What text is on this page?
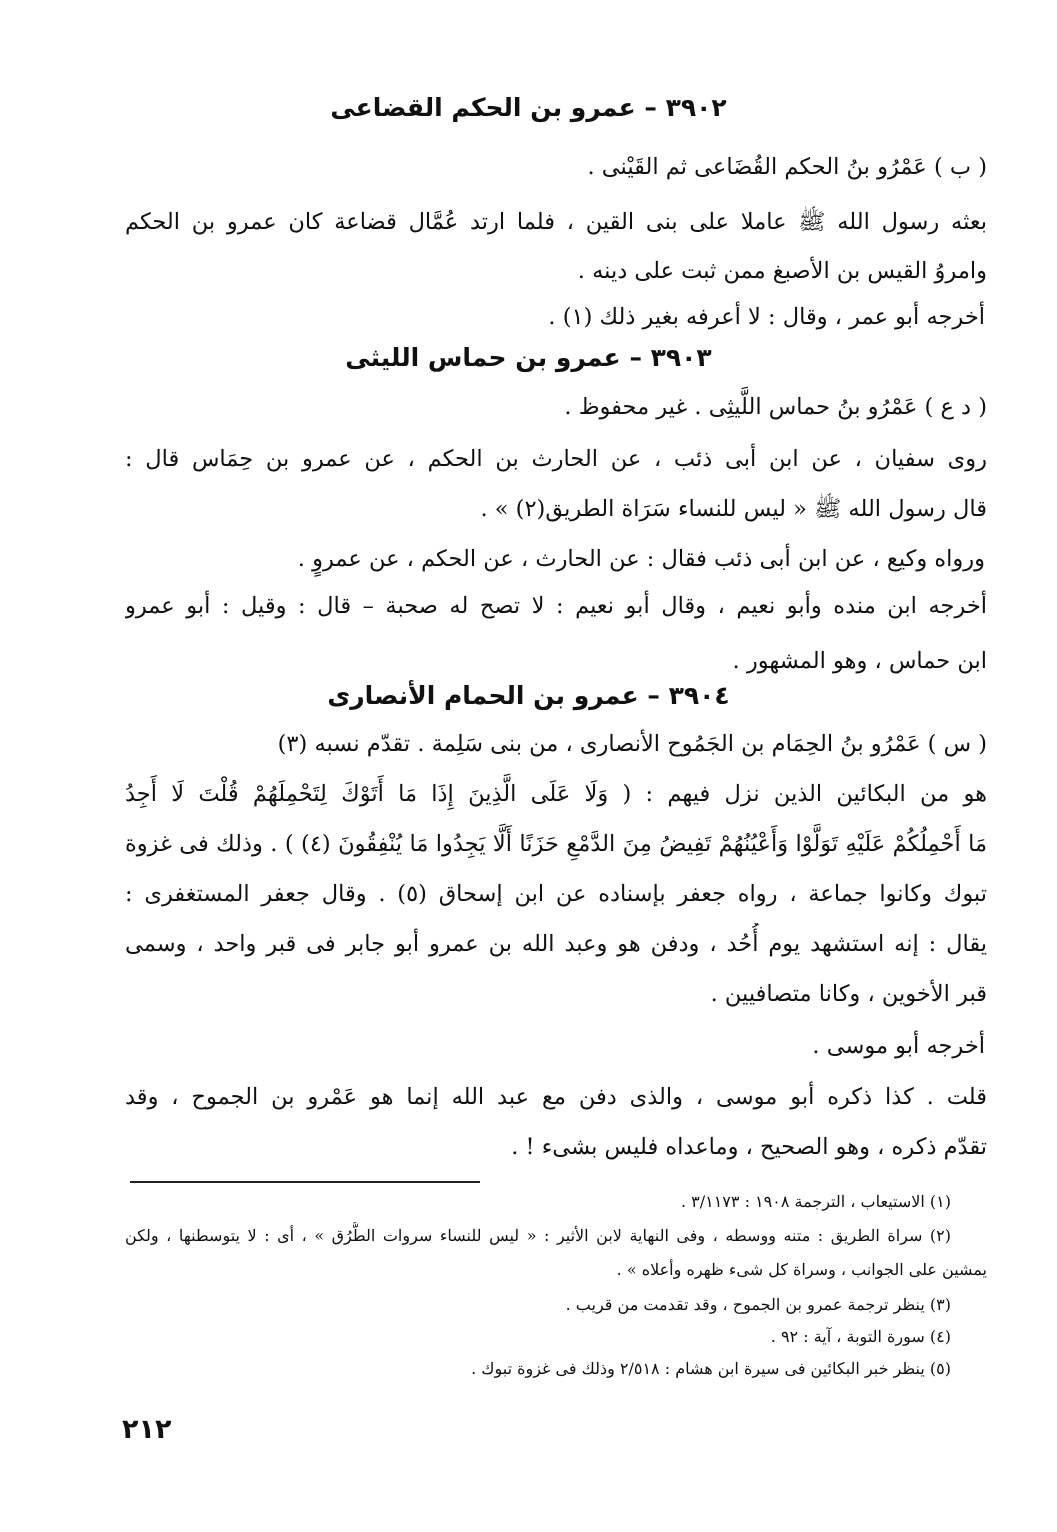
٣٩٠٢ – عمرو بن الحكم القضاعى
( ب ) عَمْرُو بنُ الحكم القُضَاعى ثم القَيْنى .
بعثه رسول الله ﷺ عاملا على بنى القين ، فلما ارتد عُمَّال قضاعة كان عمرو بن الحكم
وامروُ القيس بن الأصبغ ممن ثبت على دينه .
أخرجه أبو عمر ، وقال : لا أعرفه بغير ذلك (١) .
٣٩٠٣ – عمرو بن حماس الليثى
( د ع ) عَمْرُو بنُ حماس اللَّيثِى . غير محفوظ .
روى سفيان ، عن ابن أبى ذئب ، عن الحارث بن الحكم ، عن عمرو بن حِمَاس قال :
قال رسول الله ﷺ « ليس للنساء سَرَاة الطريق(٢) » .
ورواه وكيع ، عن ابن أبى ذئب فقال : عن الحارث ، عن الحكم ، عن عمروٍ .
أخرجه ابن منده وأبو نعيم ، وقال أبو نعيم : لا تصح له صحبة – قال : وقيل : أبو عمرو
ابن حماس ، وهو المشهور .
٣٩٠٤ – عمرو بن الحمام الأنصارى
( س ) عَمْرُو بنُ الحِمَام بن الجَمُوح الأنصارى ، من بنى سَلِمة . تقدّم نسبه (٣)
هو من البكائين الذين نزل فيهم : ( وَلَا عَلَى الَّذِينَ إِذَا مَا أَتَوْكَ لِتَحْمِلَهُمْ قُلْتَ لَا أَجِدُ
مَا أَحْمِلُكُمْ عَلَيْهِ تَوَلَّوْا وَأَعْيُنُهُمْ تَفِيضُ مِنَ الدَّمْعِ حَزَنًا أَلَّا يَجِدُوا مَا يُنْفِقُونَ (٤) ) . وذلك فى غزوة
تبوك وكانوا جماعة ، رواه جعفر بإسناده عن ابن إسحاق (٥) . وقال جعفر المستغفرى :
يقال : إنه استشهد يوم أُحُد ، ودفن هو وعبد الله بن عمرو أبو جابر فى قبر واحد ، وسمى
قبر الأخوين ، وكانا متصافيين .
أخرجه أبو موسى .
قلت . كذا ذكره أبو موسى ، والذى دفن مع عبد الله إنما هو عَمْرو بن الجموح ، وقد
تقدّم ذكره ، وهو الصحيح ، وماعداه فليس بشىء ! .
(١) الاستيعاب ، الترجمة ١٩٠٨ : ٣/١١٧٣ .
(٢) سراة الطريق : متنه ووسطه ، وفى النهاية لابن الأثير : « ليس للنساء سروات الطُّرُق » ، أى : لا يتوسطنها ، ولكن
يمشين على الجوانب ، وسراة كل شىء ظهره وأعلاه » .
(٣) ينظر ترجمة عمرو بن الجموح ، وقد تقدمت من قريب .
(٤) سورة التوبة ، آية : ٩٢ .
(٥) ينظر خبر البكائين فى سيرة ابن هشام : ٢/٥١٨ وذلك فى غزوة تبوك .
٢١٢
